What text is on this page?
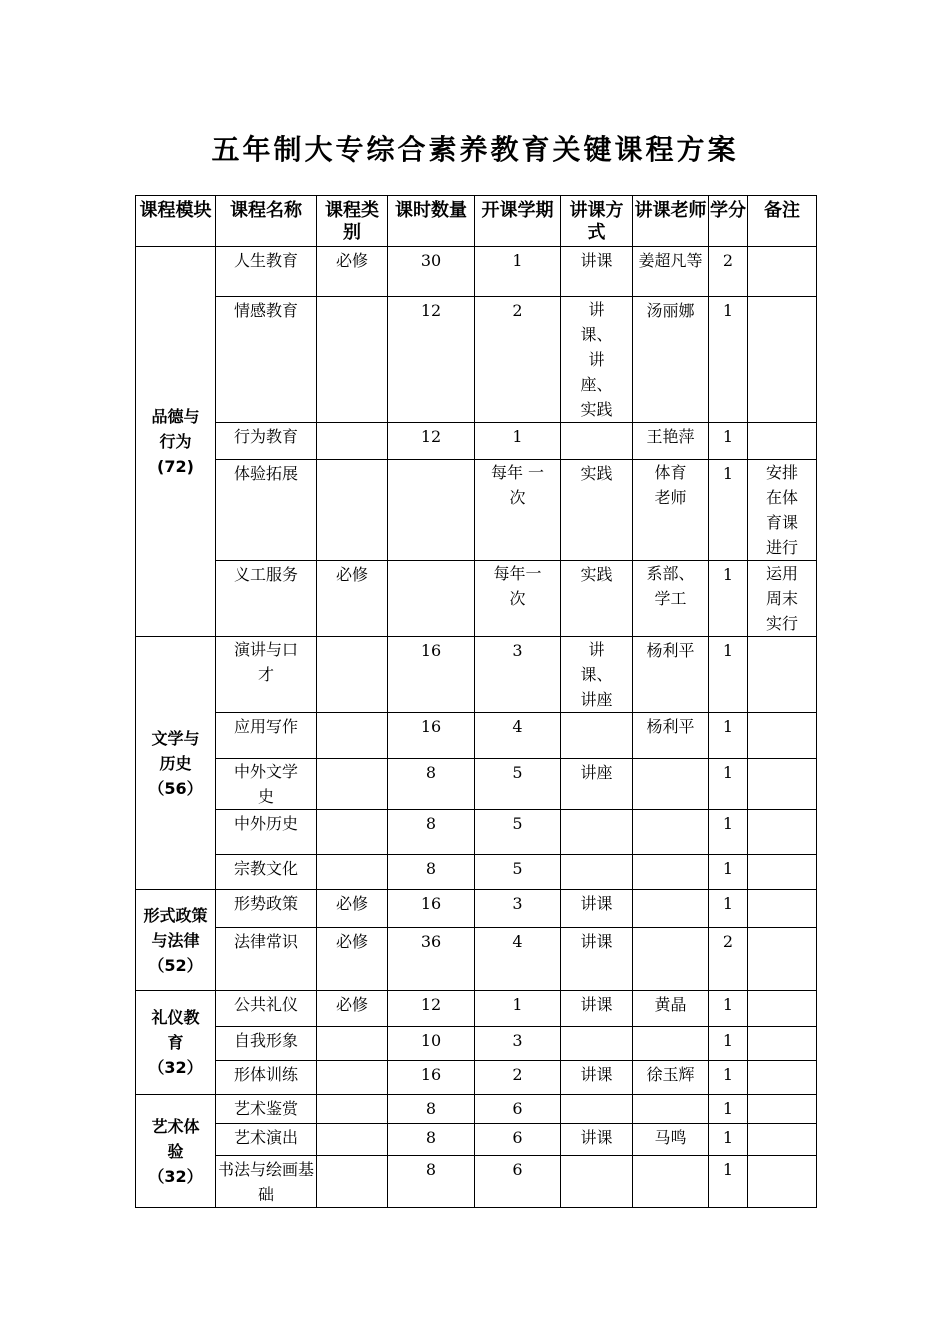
五年制大专综合素养教育关键课程方案
课程模块	课程名称	课程类别	课时数量	开课学期	讲课方式	讲课老师	学分	备注
品德与行为(72)	人生教育	必修	30	1	讲课	姜超凡等	2	
	情感教育		12	2	讲课、讲座、实践	汤丽娜	1	
	行为教育		12	1		王艳萍	1	
	体验拓展			每年 一次	实践	体育老师	1	安排在体育课进行
	义工服务	必修		每年一次	实践	系部、学工	1	运用周末实行
文学与历史（56）	演讲与口才		16	3	讲课、讲座	杨利平	1	
	应用写作		16	4		杨利平	1	
	中外文学史		8	5	讲座		1	
	中外历史		8	5			1	
	宗教文化		8	5			1	
形式政策与法律（52）	形势政策	必修	16	3	讲课		1	
	法律常识	必修	36	4	讲课		2	
礼仪教育（32）	公共礼仪	必修	12	1	讲课	黄晶	1	
	自我形象		10	3			1	
	形体训练		16	2	讲课	徐玉辉	1	
艺术体验（32）	艺术鉴赏		8	6			1	
	艺术演出		8	6	讲课	马鸣	1	
	书法与绘画基础		8	6			1	
